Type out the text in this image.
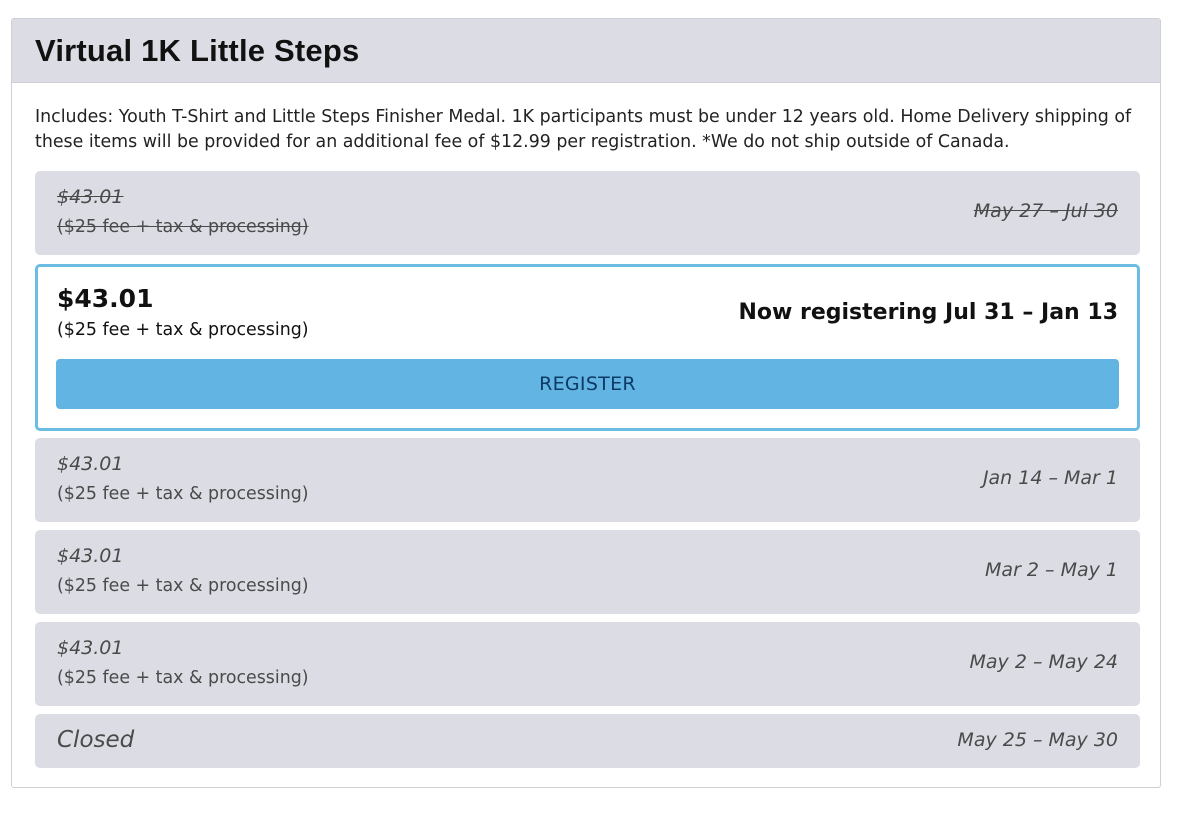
Virtual 1K Little Steps

Includes: Youth T-Shirt and Little Steps Finisher Medal. 1K participants must be under 12 years old. Home Delivery shipping of these items will be provided for an additional fee of $12.99 per registration. *We do not ship outside of Canada.

$43.01
($25 fee + tax & processing)
May 27 – Jul 30
$43.01
($25 fee + tax & processing)
Now registering Jul 31 – Jan 13
REGISTER
$43.01
($25 fee + tax & processing)
Jan 14 – Mar 1
$43.01
($25 fee + tax & processing)
Mar 2 – May 1
$43.01
($25 fee + tax & processing)
May 2 – May 24
Closed	May 25 – May 30
